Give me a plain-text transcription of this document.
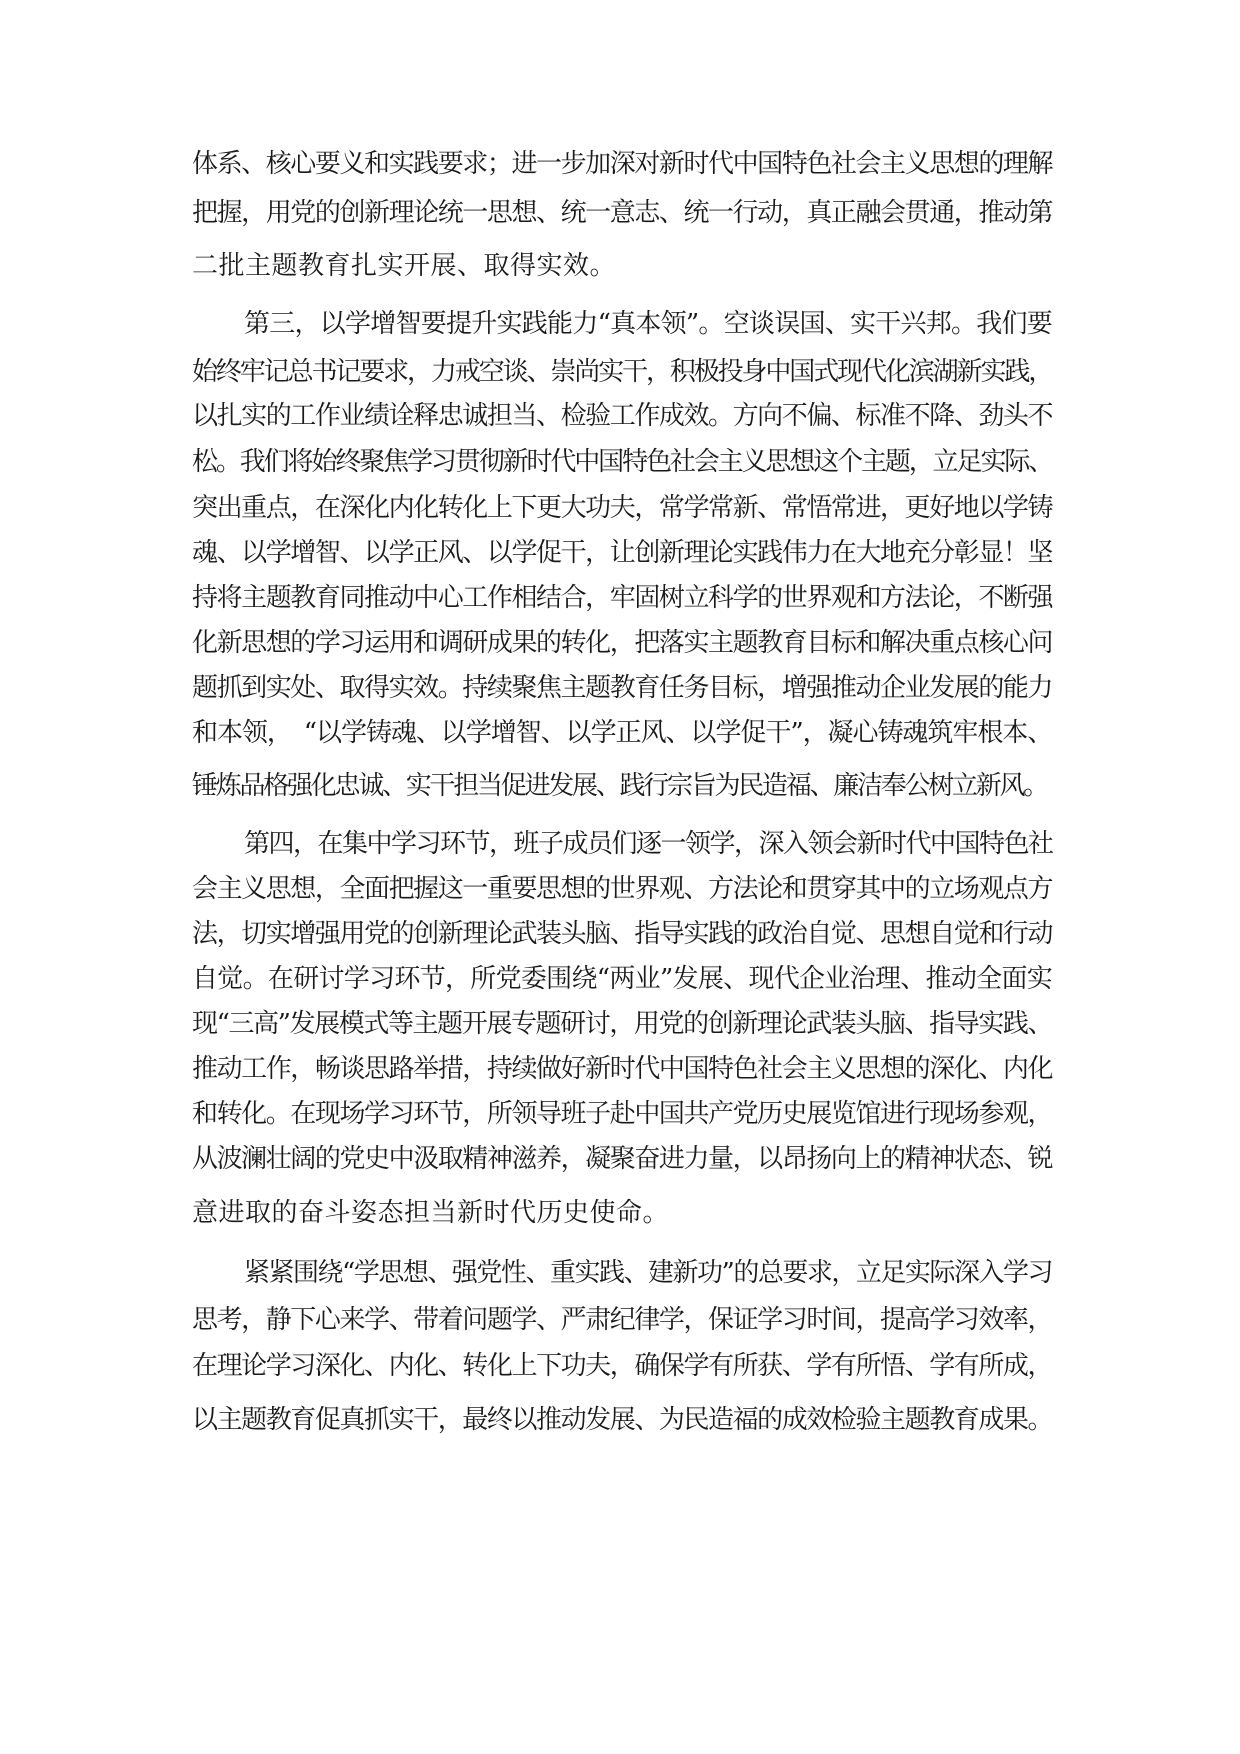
体系、核心要义和实践要求；进一步加深对新时代中国特色社会主义思想的理解
把握，用党的创新理论统一思想、统一意志、统一行动，真正融会贯通，推动第
二批主题教育扎实开展、取得实效。
第三，以学增智要提升实践能力“真本领”。空谈误国、实干兴邦。我们要
始终牢记总书记要求，力戒空谈、崇尚实干，积极投身中国式现代化滨湖新实践，
以扎实的工作业绩诠释忠诚担当、检验工作成效。方向不偏、标准不降、劲头不
松。我们将始终聚焦学习贯彻新时代中国特色社会主义思想这个主题，立足实际、
突出重点，在深化内化转化上下更大功夫，常学常新、常悟常进，更好地以学铸
魂、以学增智、以学正风、以学促干，让创新理论实践伟力在大地充分彰显！坚
持将主题教育同推动中心工作相结合，牢固树立科学的世界观和方法论，不断强
化新思想的学习运用和调研成果的转化，把落实主题教育目标和解决重点核心问
题抓到实处、取得实效。持续聚焦主题教育任务目标，增强推动企业发展的能力
和本领，　“以学铸魂、以学增智、以学正风、以学促干”，凝心铸魂筑牢根本、
锤炼品格强化忠诚、实干担当促进发展、践行宗旨为民造福、廉洁奉公树立新风。
第四，在集中学习环节，班子成员们逐一领学，深入领会新时代中国特色社
会主义思想，全面把握这一重要思想的世界观、方法论和贯穿其中的立场观点方
法，切实增强用党的创新理论武装头脑、指导实践的政治自觉、思想自觉和行动
自觉。在研讨学习环节，所党委围绕“两业”发展、现代企业治理、推动全面实
现“三高”发展模式等主题开展专题研讨，用党的创新理论武装头脑、指导实践、
推动工作，畅谈思路举措，持续做好新时代中国特色社会主义思想的深化、内化
和转化。在现场学习环节，所领导班子赴中国共产党历史展览馆进行现场参观，
从波澜壮阔的党史中汲取精神滋养，凝聚奋进力量，以昂扬向上的精神状态、锐
意进取的奋斗姿态担当新时代历史使命。
紧紧围绕“学思想、强党性、重实践、建新功”的总要求，立足实际深入学习
思考，静下心来学、带着问题学、严肃纪律学，保证学习时间，提高学习效率，
在理论学习深化、内化、转化上下功夫，确保学有所获、学有所悟、学有所成，
以主题教育促真抓实干，最终以推动发展、为民造福的成效检验主题教育成果。
